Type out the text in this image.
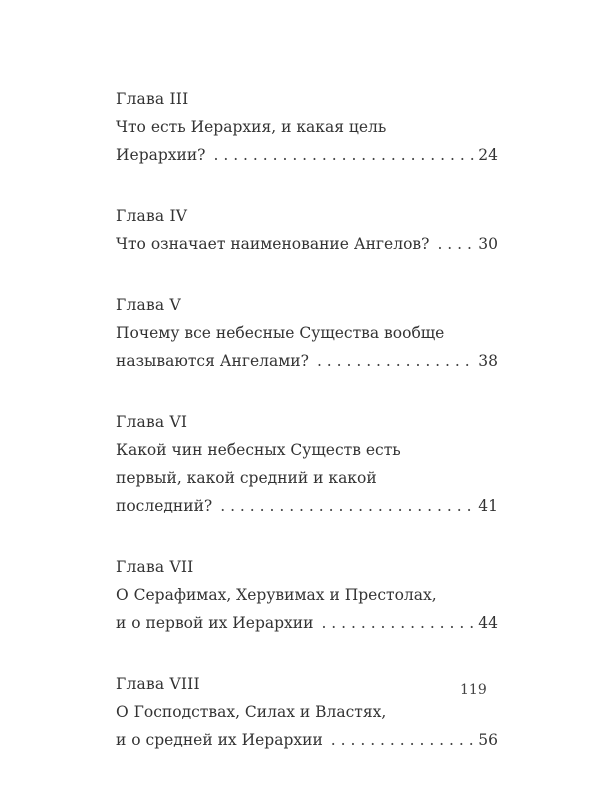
Глава III
Что есть Иерархия, и какая цель
Иерархии? . . .	24
Глава IV
Что означает наименование Ангелов? . . .	30
Глава V
Почему все небесные Существа вообще
называются Ангелами? . . .	38
Глава VI
Какой чин небесных Существ есть
первый, какой средний и какой
последний? . . .	41
Глава VII
О Серафимах, Херувимах и Престолах,
и о первой их Иерархии . . .	44
Глава VIII
О Господствах, Силах и Властях,
и о средней их Иерархии . . .	56
119
